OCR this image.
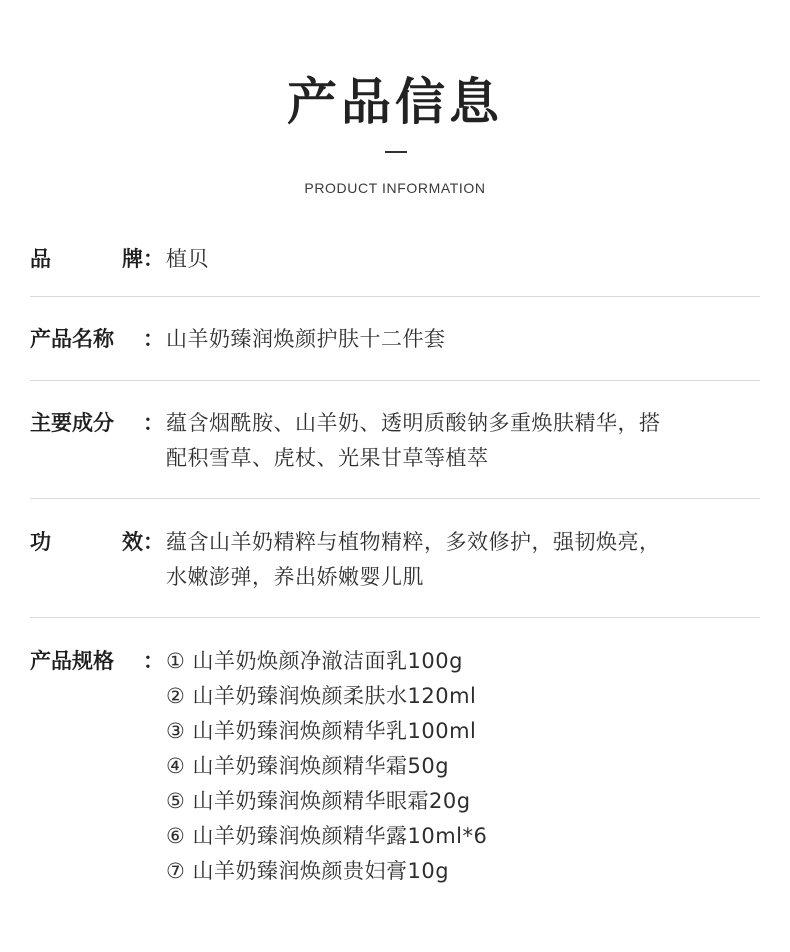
产品信息
PRODUCT INFORMATION
品	牌 ： 植贝
产品名称 ： 山羊奶臻润焕颜护肤十二件套
主要成分 ： 蕴含烟酰胺、山羊奶、透明质酸钠多重焕肤精华，搭
配积雪草、虎杖、光果甘草等植萃
功	效 ： 蕴含山羊奶精粹与植物精粹，多效修护，强韧焕亮，
水嫩澎弹，养出娇嫩婴儿肌
产品规格 ： ① 山羊奶焕颜净澈洁面乳100g
② 山羊奶臻润焕颜柔肤水120ml
③ 山羊奶臻润焕颜精华乳100ml
④ 山羊奶臻润焕颜精华霜50g
⑤ 山羊奶臻润焕颜精华眼霜20g
⑥ 山羊奶臻润焕颜精华露10ml*6
⑦ 山羊奶臻润焕颜贵妇膏10g
